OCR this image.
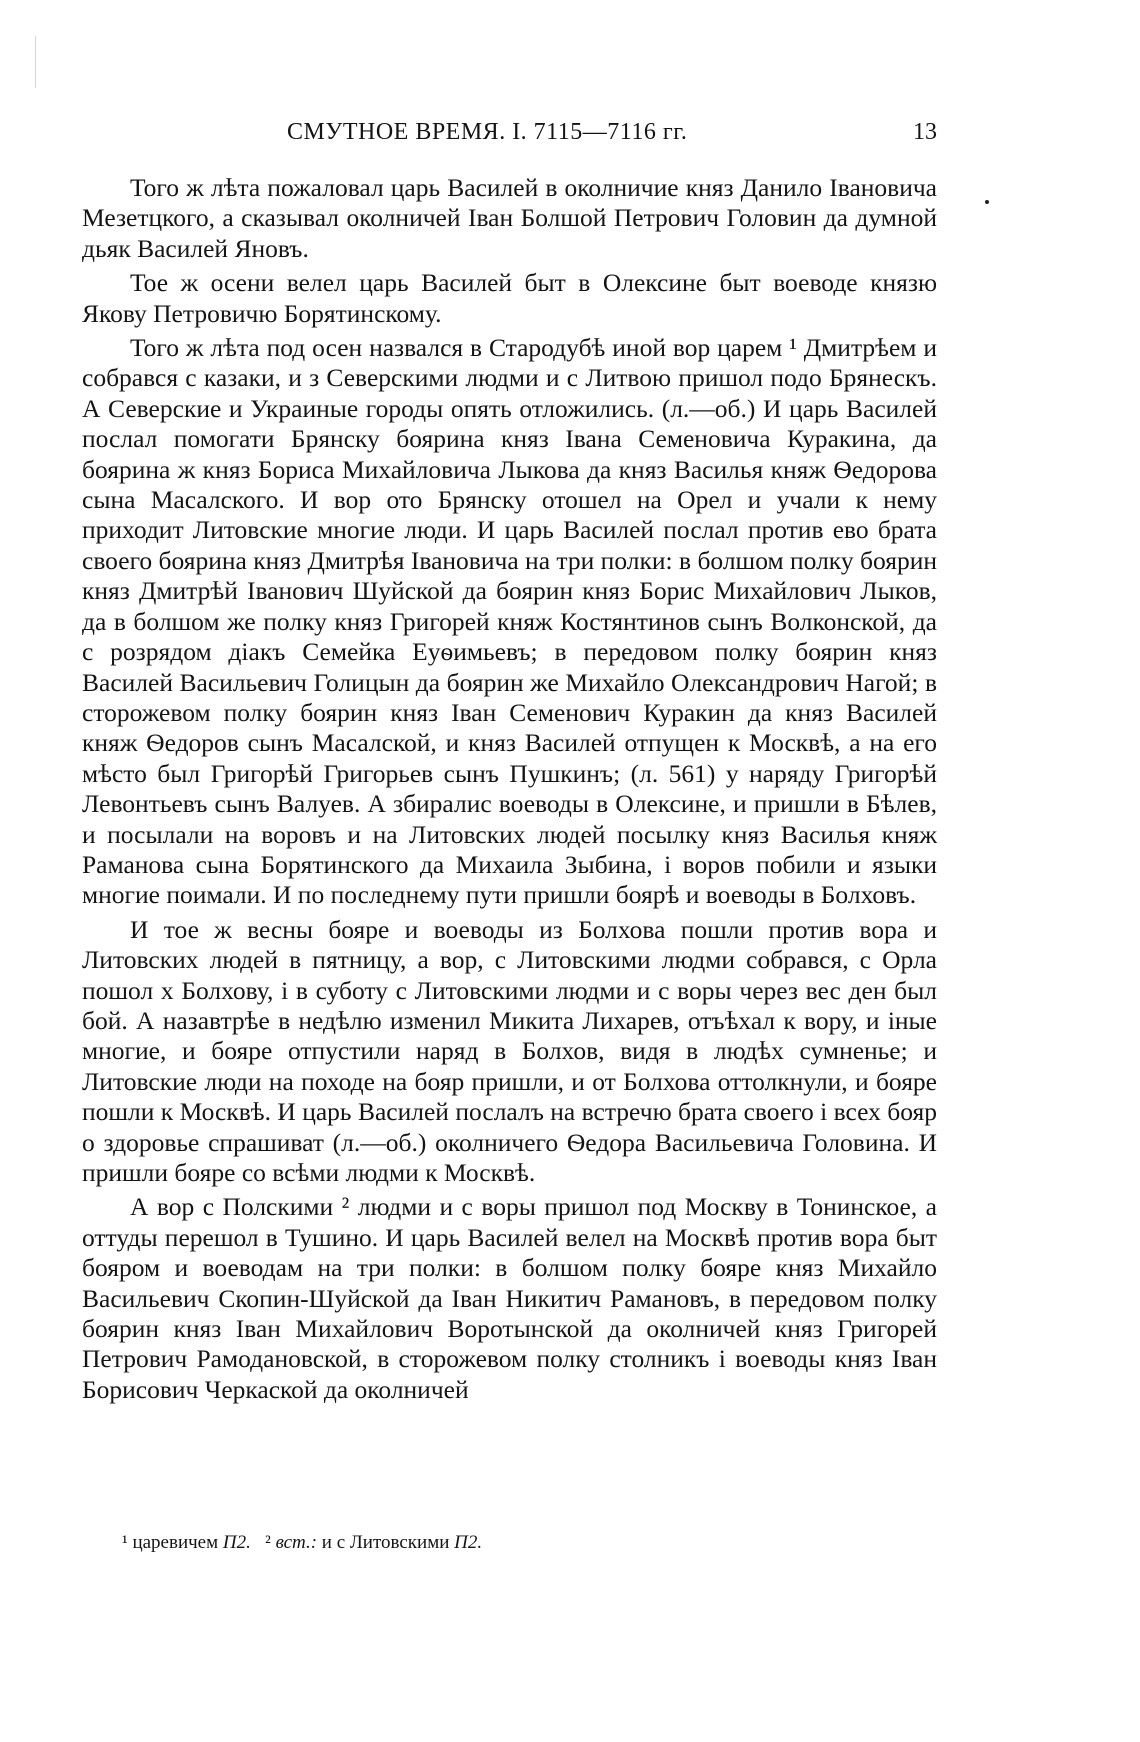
СМУТНОЕ ВРЕМЯ. I. 7115—7116 гг.	13

Того ж лѣта пожаловал царь Василей в околничие княз Данило Івановича Мезетцкого, а сказывал околничей Іван Болшой Петрович Головин да думной дьяк Василей Яновъ.

Тое ж осени велел царь Василей быт в Олексине быт воеводе князю Якову Петровичю Борятинскому.

Того ж лѣта под осен назвался в Стародубѣ иной вор царем ¹ Дмитрѣем и собрався с казаки, и з Северскими людми и с Литвою пришол подо Брянескъ. А Северские и Украиные городы опять отложились. (л.—об.) И царь Василей послал помогати Брянску боярина княз Івана Семеновича Куракина, да боярина ж княз Бориса Михайловича Лыкова да княз Василья княж Ѳедорова сына Масалского. И вор ото Брянску отошел на Орел и учали к нему приходит Литовские многие люди. И царь Василей послал против ево брата своего боярина княз Дмитрѣя Івановича на три полки: в болшом полку боярин княз Дмитрѣй Іванович Шуйской да боярин княз Борис Михайлович Лыков, да в болшом же полку княз Григорей княж Костянтинов сынъ Волконской, да с розрядом діакъ Семейка Еуѳимьевъ; в передовом полку боярин княз Василей Васильевич Голицын да боярин же Михайло Олександрович Нагой; в сторожевом полку боярин княз Іван Семенович Куракин да княз Василей княж Ѳедоров сынъ Масалской, и княз Василей отпущен к Москвѣ, а на его мѣсто был Григорѣй Григорьев сынъ Пушкинъ; (л. 561) у наряду Григорѣй Левонтьевъ сынъ Валуев. А збиралис воеводы в Олексине, и пришли в Бѣлев, и посылали на воровъ и на Литовских людей посылку княз Василья княж Раманова сына Борятинского да Михаила Зыбина, і воров побили и языки многие поимали. И по последнему пути пришли боярѣ и воеводы в Болховъ.

И тое ж весны бояре и воеводы из Болхова пошли против вора и Литовских людей в пятницу, а вор, с Литовскими людми собрався, с Орла пошол х Болхову, і в суботу с Литовскими людми и с воры через вес ден был бой. А назавтрѣе в недѣлю изменил Микита Лихарев, отъѣхал к вору, и іные многие, и бояре отпустили наряд в Болхов, видя в людѣх сумненье; и Литовские люди на походе на бояр пришли, и от Болхова оттолкнули, и бояре пошли к Москвѣ. И царь Василей послалъ на встречю брата своего і всех бояр о здоровье спрашиват (л.—об.) околничего Ѳедора Васильевича Головина. И пришли бояре со всѣми людми к Москвѣ.

А вор с Полскими ² людми и с воры пришол под Москву в Тонинское, а оттуды перешол в Тушино. И царь Василей велел на Москвѣ против вора быт бояром и воеводам на три полки: в болшом полку бояре княз Михайло Васильевич Скопин-Шуйской да Іван Никитич Рамановъ, в передовом полку боярин княз Іван Михайлович Воротынской да околничей княз Григорей Петрович Рамодановской, в сторожевом полку столникъ і воеводы княз Іван Борисович Черкаской да околничей

¹ царевичем П2. ² вст.: и с Литовскими П2.
